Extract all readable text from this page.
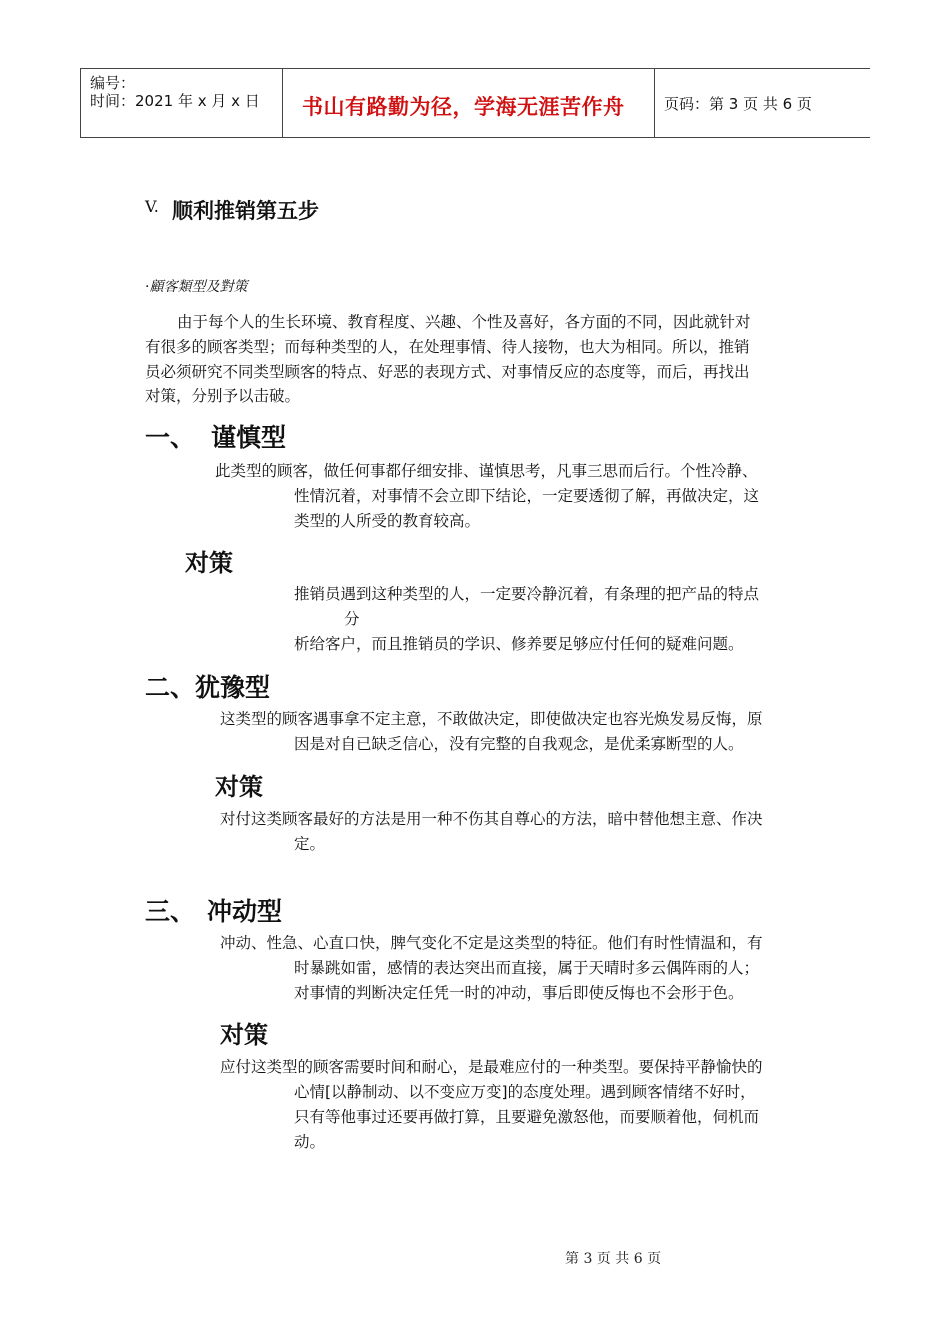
编号：
时间：2021 年 x 月 x 日 书山有路勤为径，学海无涯苦作舟	页码：第 3 页 共 6 页
V. 顺利推销第五步
·顧客類型及對策
由于每个人的生长环境、教育程度、兴趣、个性及喜好，各方面的不同，因此就针对
有很多的顾客类型；而每种类型的人，在处理事情、待人接物，也大为相同。所以，推销
员必须研究不同类型顾客的特点、好恶的表现方式、对事情反应的态度等，而后，再找出
对策，分别予以击破。
一、 谨慎型
此类型的顾客，做任何事都仔细安排、谨慎思考，凡事三思而后行。个性冷静、
性情沉着，对事情不会立即下结论，一定要透彻了解，再做决定，这
类型的人所受的教育较高。
对策
推销员遇到这种类型的人，一定要冷静沉着，有条理的把产品的特点
分
析给客户，而且推销员的学识、修养要足够应付任何的疑难问题。
二、 犹豫型
这类型的顾客遇事拿不定主意，不敢做决定，即使做决定也容光焕发易反悔，原
因是对自已缺乏信心，没有完整的自我观念，是优柔寡断型的人。
对策
对付这类顾客最好的方法是用一种不伤其自尊心的方法，暗中替他想主意、作决
定。
三、 冲动型
冲动、性急、心直口快，脾气变化不定是这类型的特征。他们有时性情温和，有
时暴跳如雷，感情的表达突出而直接，属于天晴时多云偶阵雨的人；
对事情的判断决定任凭一时的冲动，事后即使反悔也不会形于色。
对策
应付这类型的顾客需要时间和耐心，是最难应付的一种类型。要保持平静愉快的
心情[以静制动、以不变应万变]的态度处理。遇到顾客情绪不好时，
只有等他事过还要再做打算，且要避免激怒他，而要顺着他，伺机而
动。
第 3 页 共 6 页
